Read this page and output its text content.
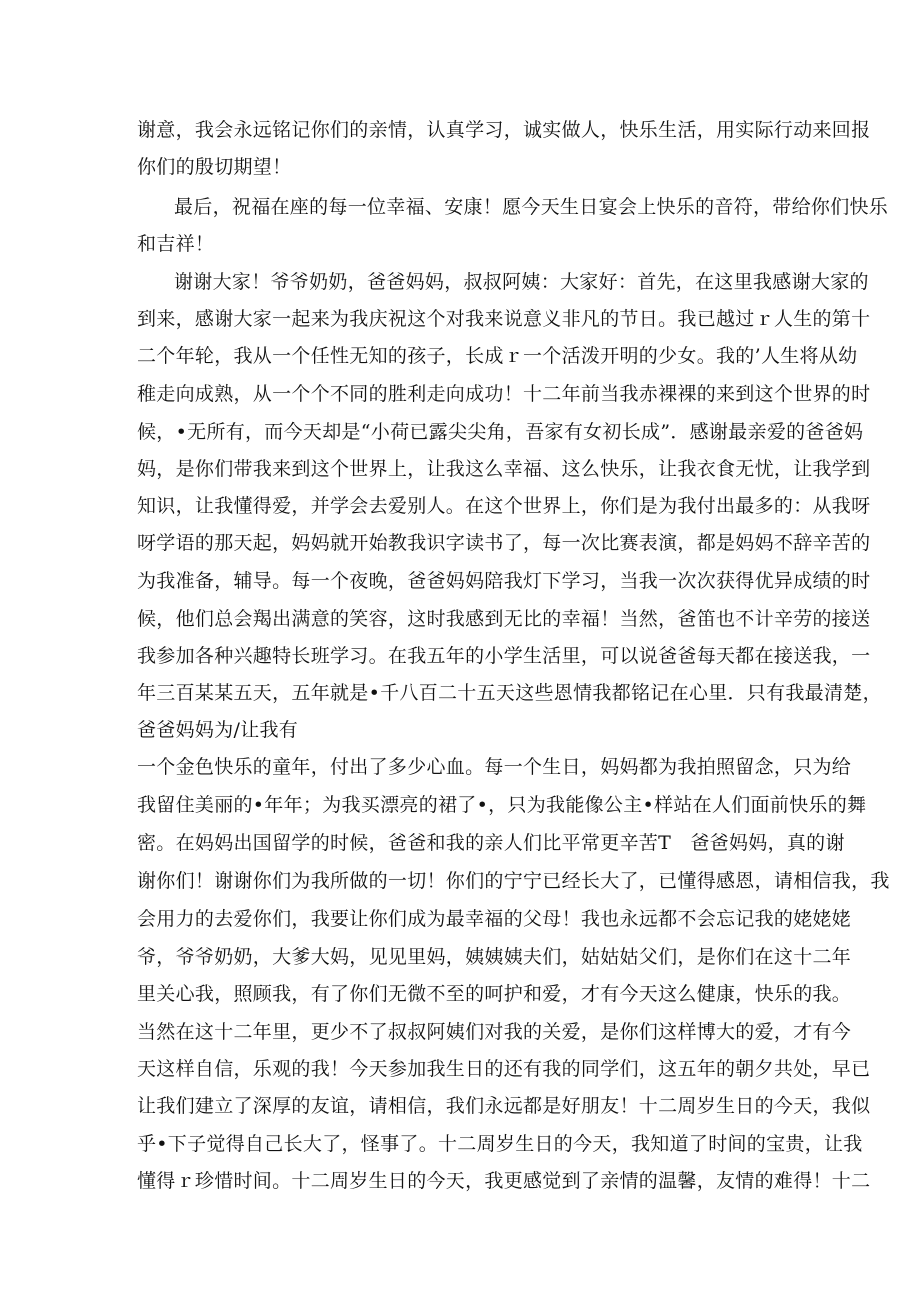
谢意，我会永远铭记你们的亲情，认真学习，诚实做人，快乐生活，用实际行动来回报
你们的殷切期望！
最后，祝福在座的每一位幸福、安康！愿今天生日宴会上快乐的音符，带给你们快乐
和吉祥！
谢谢大家！爷爷奶奶，爸爸妈妈，叔叔阿姨：大家好：首先，在这里我感谢大家的
到来，感谢大家一起来为我庆祝这个对我来说意义非凡的节日。我已越过ｒ人生的第十
二个年轮，我从一个任性无知的孩子，长成ｒ一个活泼开明的少女。我的’人生将从幼
稚走向成熟，从一个个不同的胜利走向成功！十二年前当我赤裸裸的来到这个世界的时
候，•无所有，而今天却是“小荷已露尖尖角，吾家有女初长成”．感谢最亲爱的爸爸妈
妈，是你们带我来到这个世界上，让我这么幸福、这么快乐，让我衣食无忧，让我学到
知识，让我懂得爱，并学会去爱别人。在这个世界上，你们是为我付出最多的：从我呀
呀学语的那天起，妈妈就开始教我识字读书了，每一次比赛表演，都是妈妈不辞辛苦的
为我准备，辅导。每一个夜晚，爸爸妈妈陪我灯下学习，当我一次次获得优异成绩的时
候，他们总会羯出满意的笑容，这时我感到无比的幸福！当然，爸笛也不计辛劳的接送
我参加各种兴趣特长班学习。在我五年的小学生活里，可以说爸爸每天都在接送我，一
年三百某某五天，五年就是•千八百二十五天这些恩情我都铭记在心里．只有我最清楚，
爸爸妈妈为/让我有
一个金色快乐的童年，付出了多少心血。每一个生日，妈妈都为我拍照留念，只为给
我留住美丽的•年年；为我买漂亮的裙了•，只为我能像公主•样站在人们面前快乐的舞
密。在妈妈出国留学的时候，爸爸和我的亲人们比平常更辛苦T　爸爸妈妈，真的谢
谢你们！谢谢你们为我所做的一切！你们的宁宁已经长大了，已懂得感恩，请相信我，我
会用力的去爱你们，我要让你们成为最幸福的父母！我也永远都不会忘记我的姥姥姥
爷，爷爷奶奶，大爹大妈，见见里妈，姨姨姨夫们，姑姑姑父们，是你们在这十二年
里关心我，照顾我，有了你们无微不至的呵护和爱，才有今天这么健康，快乐的我。
当然在这十二年里，更少不了叔叔阿姨们对我的关爱，是你们这样博大的爱，才有今
天这样自信，乐观的我！今天参加我生日的还有我的同学们，这五年的朝夕共处，早已
让我们建立了深厚的友谊，请相信，我们永远都是好朋友！十二周岁生日的今天，我似
乎•下子觉得自己长大了，怪事了。十二周岁生日的今天，我知道了时间的宝贵，让我
懂得ｒ珍惜时间。十二周岁生日的今天，我更感觉到了亲情的温馨，友情的难得！十二
